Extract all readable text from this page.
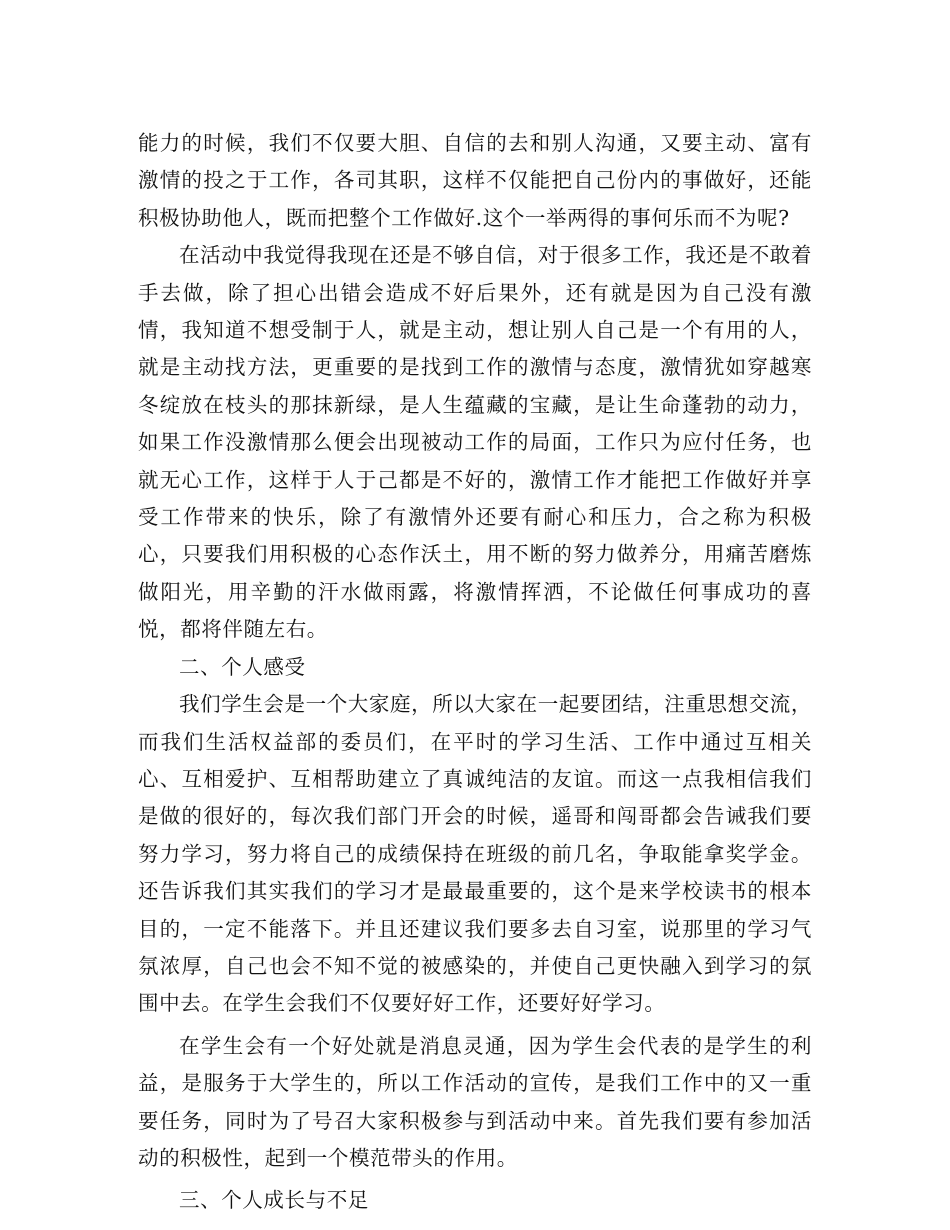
能力的时候，我们不仅要大胆、自信的去和别人沟通，又要主动、富有激情的投之于工作，各司其职，这样不仅能把自己份内的事做好，还能积极协助他人，既而把整个工作做好.这个一举两得的事何乐而不为呢?

在活动中我觉得我现在还是不够自信，对于很多工作，我还是不敢着手去做，除了担心出错会造成不好后果外，还有就是因为自己没有激情，我知道不想受制于人，就是主动，想让别人自己是一个有用的人，就是主动找方法，更重要的是找到工作的激情与态度，激情犹如穿越寒冬绽放在枝头的那抹新绿，是人生蕴藏的宝藏，是让生命蓬勃的动力，如果工作没激情那么便会出现被动工作的局面，工作只为应付任务，也就无心工作，这样于人于己都是不好的，激情工作才能把工作做好并享受工作带来的快乐，除了有激情外还要有耐心和压力，合之称为积极心，只要我们用积极的心态作沃土，用不断的努力做养分，用痛苦磨炼做阳光，用辛勤的汗水做雨露，将激情挥洒，不论做任何事成功的喜悦，都将伴随左右。

二、个人感受

我们学生会是一个大家庭，所以大家在一起要团结，注重思想交流，而我们生活权益部的委员们，在平时的学习生活、工作中通过互相关心、互相爱护、互相帮助建立了真诚纯洁的友谊。而这一点我相信我们是做的很好的，每次我们部门开会的时候，遥哥和闯哥都会告诫我们要努力学习，努力将自己的成绩保持在班级的前几名，争取能拿奖学金。还告诉我们其实我们的学习才是最最重要的，这个是来学校读书的根本目的，一定不能落下。并且还建议我们要多去自习室，说那里的学习气氛浓厚，自己也会不知不觉的被感染的，并使自己更快融入到学习的氛围中去。在学生会我们不仅要好好工作，还要好好学习。

在学生会有一个好处就是消息灵通，因为学生会代表的是学生的利益，是服务于大学生的，所以工作活动的宣传，是我们工作中的又一重要任务，同时为了号召大家积极参与到活动中来。首先我们要有参加活动的积极性，起到一个模范带头的作用。

三、个人成长与不足
